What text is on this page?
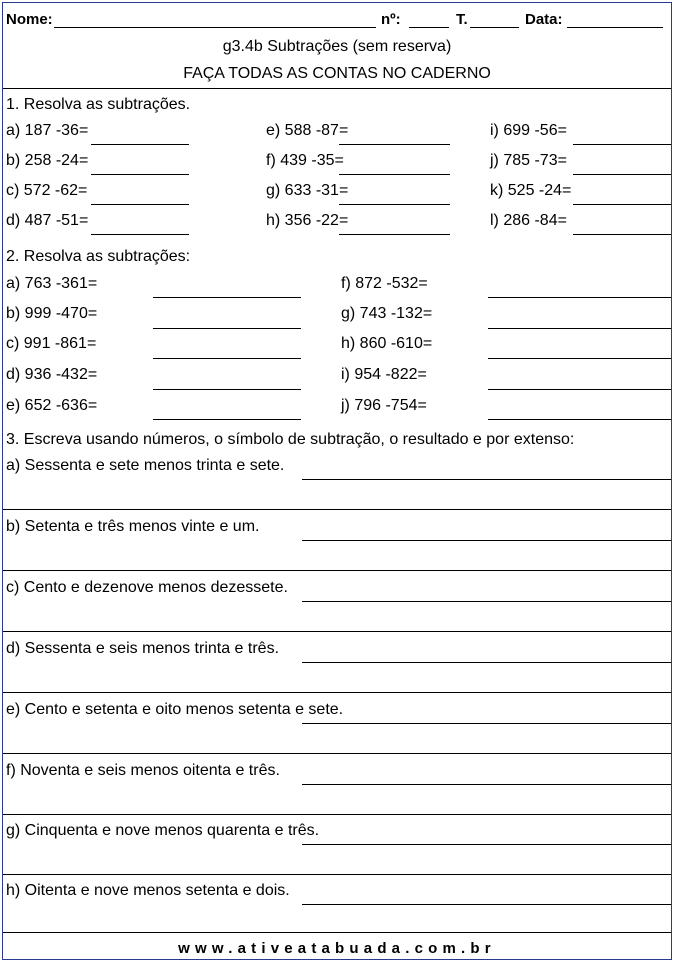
Nome:	nº:	T.	Data:
g3.4b Subtrações (sem reserva)
FAÇA TODAS AS CONTAS NO CADERNO
1. Resolva as subtrações.
a) 187 -36=
b) 258 -24=
c) 572 -62=
d) 487 -51=
e) 588 -87=
f) 439 -35=
g) 633 -31=
h) 356 -22=
i) 699 -56=
j) 785 -73=
k) 525 -24=
l) 286 -84=
2. Resolva as subtrações:
a) 763 -361=
b) 999 -470=
c) 991 -861=
d) 936 -432=
e) 652 -636=
f) 872 -532=
g) 743 -132=
h) 860 -610=
i) 954 -822=
j) 796 -754=
3. Escreva usando números, o símbolo de subtração, o resultado e por extenso:
a) Sessenta e sete menos trinta e sete.
b) Setenta e três menos vinte e um.
c) Cento e dezenove menos dezessete.
d) Sessenta e seis menos trinta e três.
e) Cento e setenta e oito menos setenta e sete.
f) Noventa e seis menos oitenta e três.
g) Cinquenta e nove menos quarenta e três.
h) Oitenta e nove menos setenta e dois.
www.ativeatabuada.com.br
